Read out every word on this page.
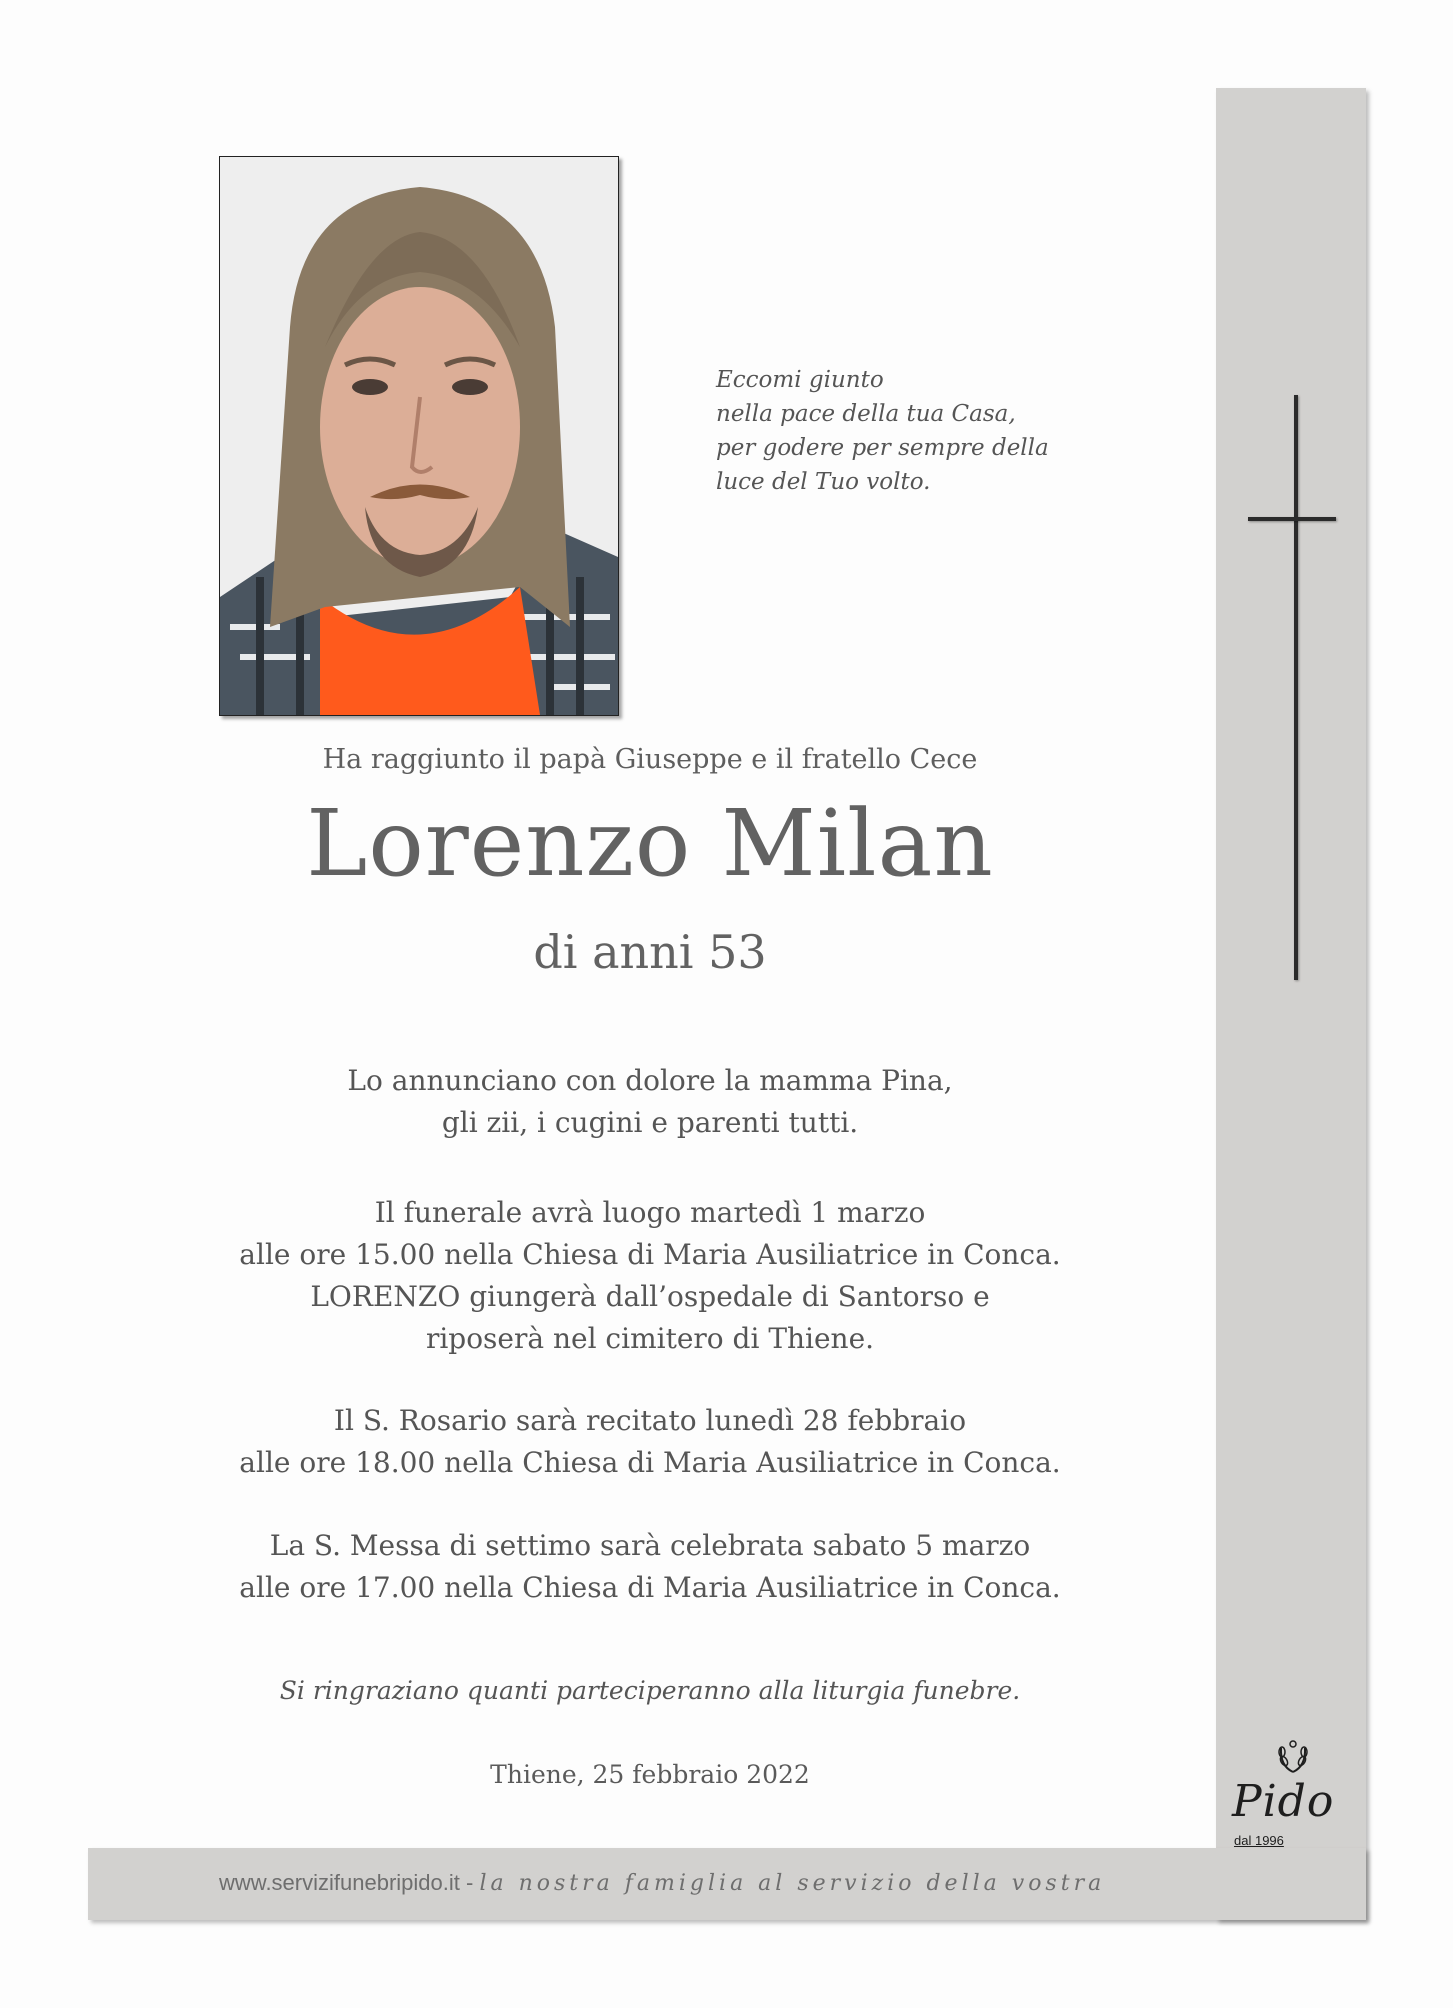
Eccomi giunto
nella pace della tua Casa,
per godere per sempre della
luce del Tuo volto.
Ha raggiunto il papà Giuseppe e il fratello Cece
Lorenzo Milan
di anni 53
Lo annunciano con dolore la mamma Pina,
gli zii, i cugini e parenti tutti.
Il funerale avrà luogo martedì 1 marzo
alle ore 15.00 nella Chiesa di Maria Ausiliatrice in Conca.
LORENZO giungerà dall’ospedale di Santorso e
riposerà nel cimitero di Thiene.
Il S. Rosario sarà recitato lunedì 28 febbraio
alle ore 18.00 nella Chiesa di Maria Ausiliatrice in Conca.
La S. Messa di settimo sarà celebrata sabato 5 marzo
alle ore 17.00 nella Chiesa di Maria Ausiliatrice in Conca.
Si ringraziano quanti parteciperanno alla liturgia funebre.
Thiene, 25 febbraio 2022
www.servizifunebripido.it - la nostra famiglia al servizio della vostra
Pido
dal 1996
